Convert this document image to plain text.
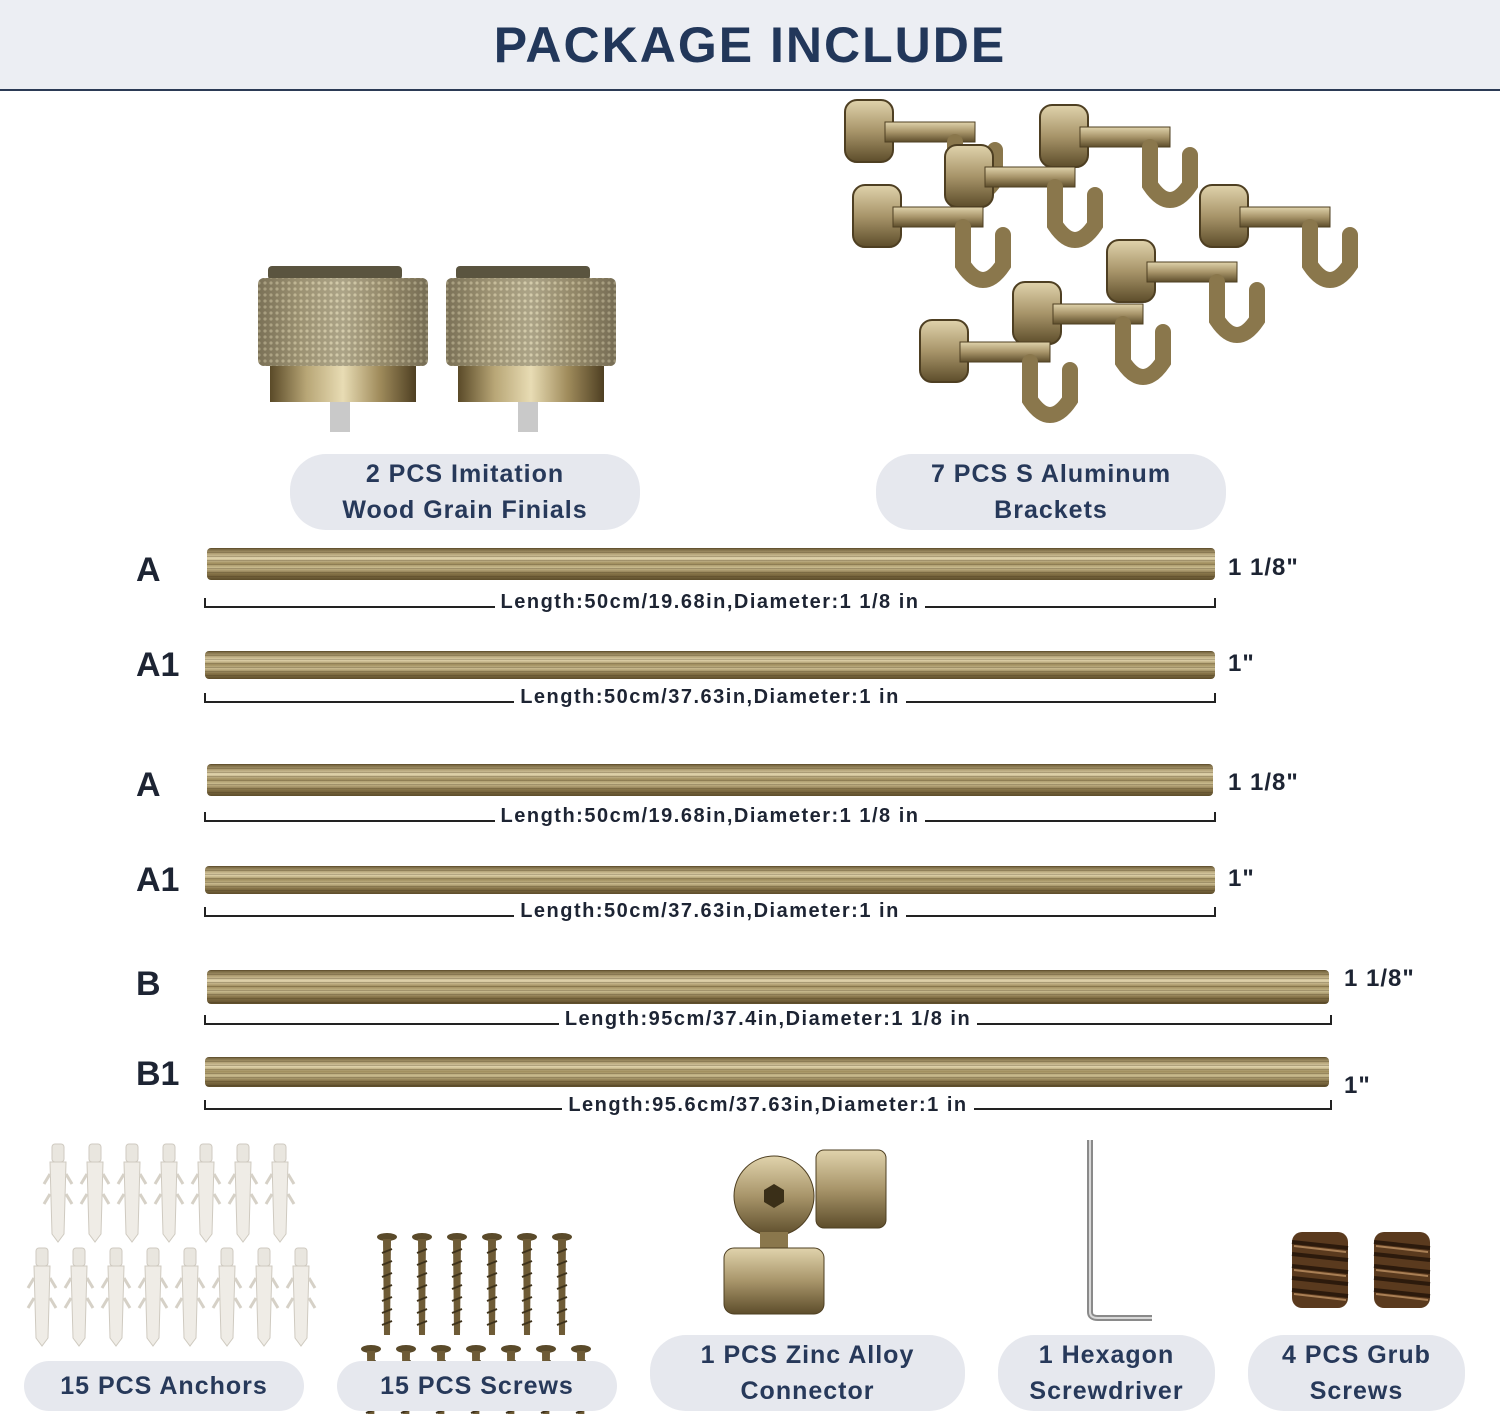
PACKAGE INCLUDE
2 PCS Imitation
Wood Grain Finials
7 PCS S Aluminum
Brackets
A	1 1/8"
Length:50cm/19.68in,Diameter:1 1/8 in
A1	1"
Length:50cm/37.63in,Diameter:1 in
A	1 1/8"
Length:50cm/19.68in,Diameter:1 1/8 in
A1	1"
Length:50cm/37.63in,Diameter:1 in
B	1 1/8"
Length:95cm/37.4in,Diameter:1 1/8 in
B1	1"
Length:95.6cm/37.63in,Diameter:1 in
15 PCS Anchors	15 PCS Screws
1 PCS Zinc Alloy
Connector
1 Hexagon
Screwdriver
4 PCS Grub
Screws
